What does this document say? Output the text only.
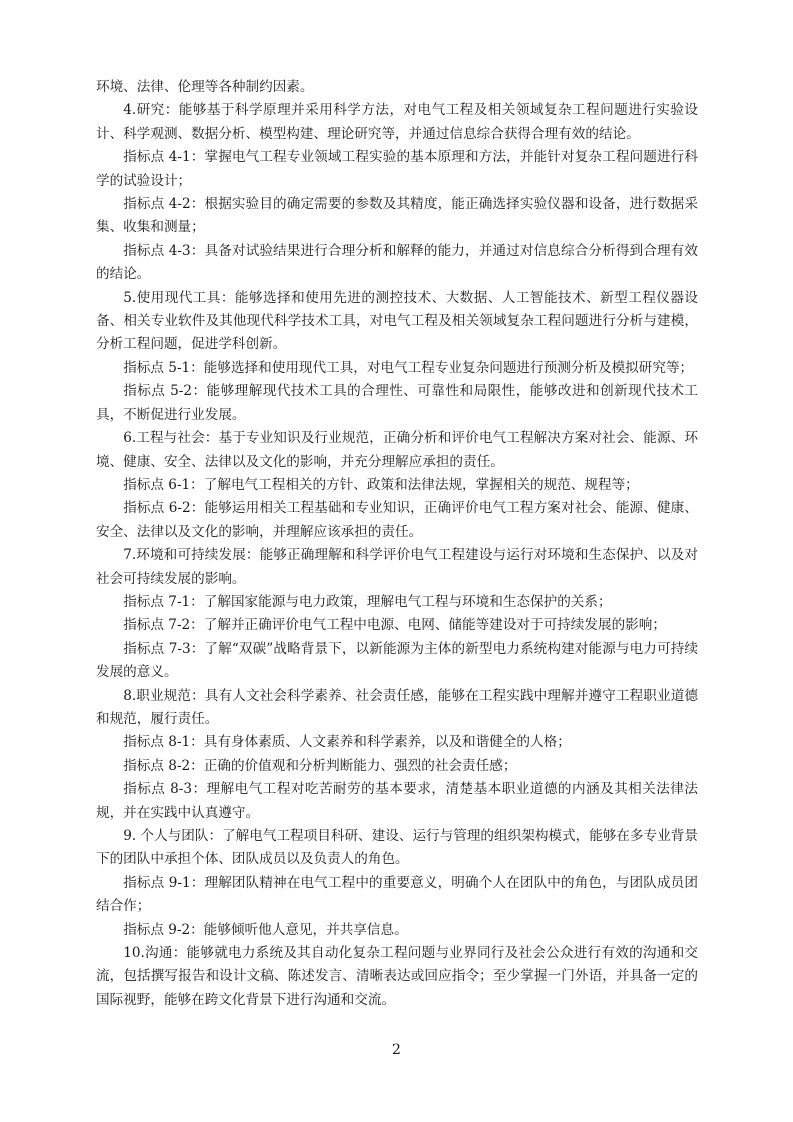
环境、法律、伦理等各种制约因素。

4.研究：能够基于科学原理并采用科学方法，对电气工程及相关领域复杂工程问题进行实验设计、科学观测、数据分析、模型构建、理论研究等，并通过信息综合获得合理有效的结论。

指标点 4-1：掌握电气工程专业领域工程实验的基本原理和方法，并能针对复杂工程问题进行科学的试验设计；

指标点 4-2：根据实验目的确定需要的参数及其精度，能正确选择实验仪器和设备，进行数据采集、收集和测量；

指标点 4-3：具备对试验结果进行合理分析和解释的能力，并通过对信息综合分析得到合理有效的结论。

5.使用现代工具：能够选择和使用先进的测控技术、大数据、人工智能技术、新型工程仪器设备、相关专业软件及其他现代科学技术工具，对电气工程及相关领域复杂工程问题进行分析与建模，分析工程问题，促进学科创新。

指标点 5-1：能够选择和使用现代工具，对电气工程专业复杂问题进行预测分析及模拟研究等；

指标点 5-2：能够理解现代技术工具的合理性、可靠性和局限性，能够改进和创新现代技术工具，不断促进行业发展。

6.工程与社会：基于专业知识及行业规范，正确分析和评价电气工程解决方案对社会、能源、环境、健康、安全、法律以及文化的影响，并充分理解应承担的责任。

指标点 6-1：了解电气工程相关的方针、政策和法律法规，掌握相关的规范、规程等；

指标点 6-2：能够运用相关工程基础和专业知识，正确评价电气工程方案对社会、能源、健康、安全、法律以及文化的影响，并理解应该承担的责任。

7.环境和可持续发展：能够正确理解和科学评价电气工程建设与运行对环境和生态保护、以及对社会可持续发展的影响。

指标点 7-1：了解国家能源与电力政策，理解电气工程与环境和生态保护的关系；

指标点 7-2：了解并正确评价电气工程中电源、电网、储能等建设对于可持续发展的影响；

指标点 7-3：了解“双碳”战略背景下，以新能源为主体的新型电力系统构建对能源与电力可持续发展的意义。

8.职业规范：具有人文社会科学素养、社会责任感，能够在工程实践中理解并遵守工程职业道德和规范，履行责任。

指标点 8-1：具有身体素质、人文素养和科学素养，以及和谐健全的人格；

指标点 8-2：正确的价值观和分析判断能力、强烈的社会责任感；

指标点 8-3：理解电气工程对吃苦耐劳的基本要求，清楚基本职业道德的内涵及其相关法律法规，并在实践中认真遵守。

9. 个人与团队：了解电气工程项目科研、建设、运行与管理的组织架构模式，能够在多专业背景下的团队中承担个体、团队成员以及负责人的角色。

指标点 9-1：理解团队精神在电气工程中的重要意义，明确个人在团队中的角色，与团队成员团结合作；

指标点 9-2：能够倾听他人意见，并共享信息。

10.沟通：能够就电力系统及其自动化复杂工程问题与业界同行及社会公众进行有效的沟通和交流，包括撰写报告和设计文稿、陈述发言、清晰表达或回应指令；至少掌握一门外语，并具备一定的国际视野，能够在跨文化背景下进行沟通和交流。

2
